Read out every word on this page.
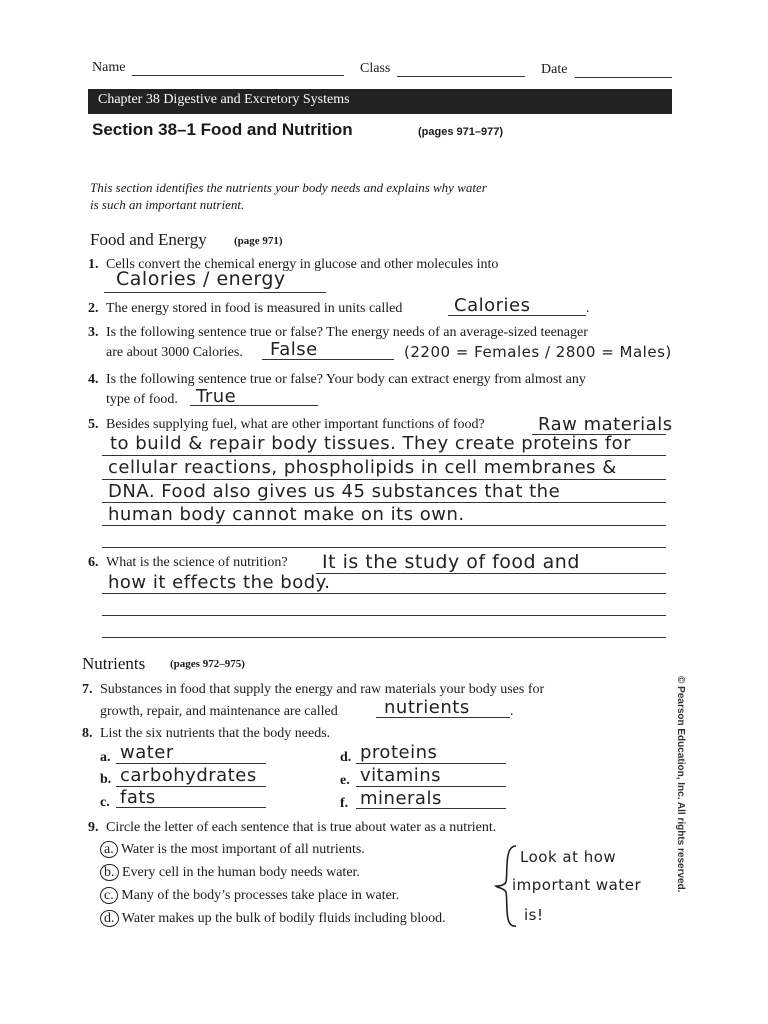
Name	Class	Date
Chapter 38 Digestive and Excretory Systems
Section 38–1 Food and Nutrition	(pages 971–977)
This section identifies the nutrients your body needs and explains why water
is such an important nutrient.
Food and Energy (page 971)
1. Cells convert the chemical energy in glucose and other molecules into
Calories / energy
2. The energy stored in food is measured in units called	Calories	.
3. Is the following sentence true or false? The energy needs of an average-sized teenager
are about 3000 Calories. False	(2200 = Females / 2800 = Males)
4. Is the following sentence true or false? Your body can extract energy from almost any
type of food. True
5. Besides supplying fuel, what are other important functions of food?	Raw materials
to build & repair body tissues. They create proteins for
cellular reactions, phospholipids in cell membranes &
DNA. Food also gives us 45 substances that the
human body cannot make on its own.
6. What is the science of nutrition? It is the study of food and
how it effects the body.
Nutrients (pages 972–975)
7. Substances in food that supply the energy and raw materials your body uses for
growth, repair, and maintenance are called	nutrients	.
8. List the six nutrients that the body needs.
a. water
b. carbohydrates
c. fats
d. proteins
e. vitamins
f. minerals
9. Circle the letter of each sentence that is true about water as a nutrient.
a. Water is the most important of all nutrients.
b. Every cell in the human body needs water.
c. Many of the body’s processes take place in water.
d. Water makes up the bulk of bodily fluids including blood.
Look at how
important water
is!
© Pearson Education, Inc. All rights reserved.
